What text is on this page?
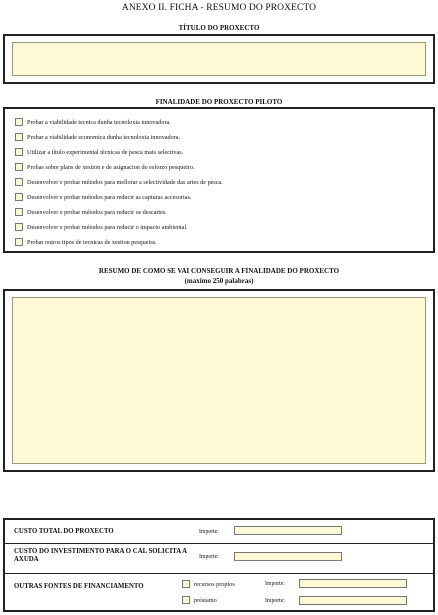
ANEXO II. FICHA - RESUMO DO PROXECTO
TÍTULO DO PROXECTO
FINALIDADE DO PROXECTO PILOTO
Probar a viabilidade tecnica dunha tecnoloxia innovadora.
Probar a viabilidade economica dunha tecnoloxia innovadora.
Utilizar a título experimental técnicas de pesca mais selectivas.
Probas sobre plans de xestion e de asignacion do esforzo pesqueiro.
Desenvolver e probar métodos para mellorar a selectividade das artes de pesca.
Desenvolver e probar métodos para reducir as capturas accesorias.
Desenvolver e probar métodos para reducir os descartes.
Desenvolver e probar métodos para reducir o impacto ambiental.
Probar outros tipos de tecnicas de xestion pesqueira.
RESUMO DE COMO SE VAI CONSEGUIR A FINALIDADE DO PROXECTO
(maximo 250 palabras)
CUSTO TOTAL DO PROXECTO	Importe:
CUSTO DO INVESTIMENTO PARA O CAL SOLICITA A AXUDA	Importe:
OUTRAS FONTES DE FINANCIAMENTO	recursos propios	Importe:
préstamo	Importe:
